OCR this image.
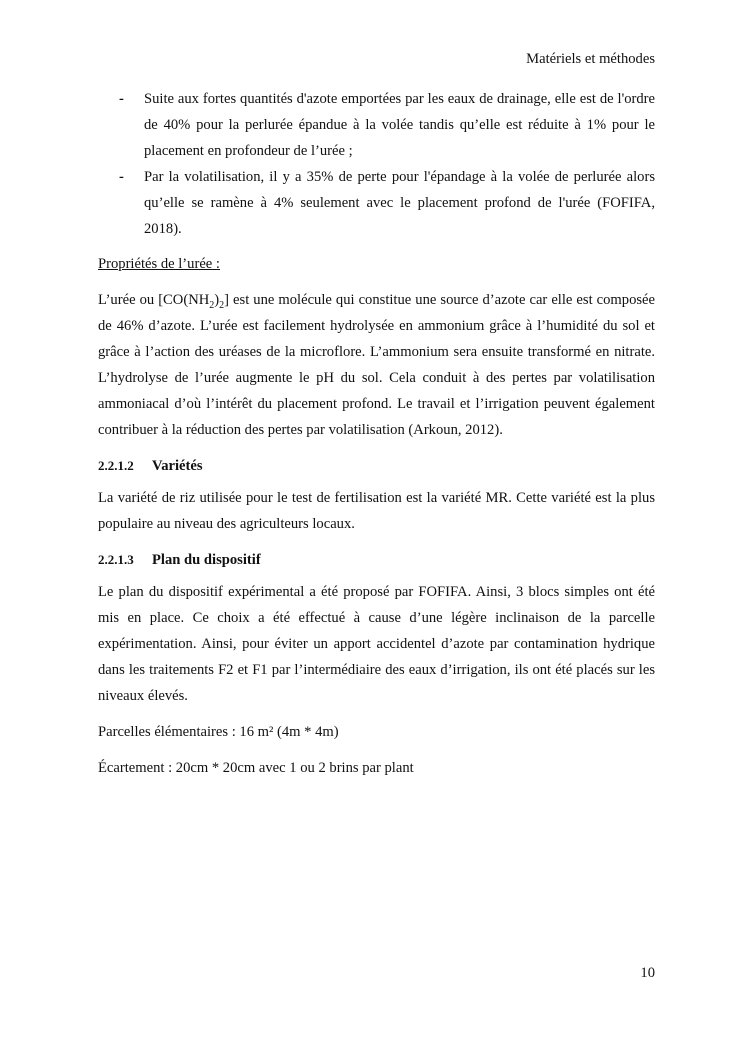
Matériels et méthodes
- Suite aux fortes quantités d'azote emportées par les eaux de drainage, elle est de l'ordre de 40% pour la perlurée épandue à la volée tandis qu’elle est réduite à 1% pour le placement en profondeur de l’urée ;
- Par la volatilisation, il y a 35% de perte pour l'épandage à la volée de perlurée alors qu’elle se ramène à 4% seulement avec le placement profond de l'urée (FOFIFA, 2018).
Propriétés de l’urée :

L’urée ou $[CO(NH_2)_2]$ est une molécule qui constitue une source d’azote car elle est composée de 46% d’azote. L’urée est facilement hydrolysée en ammonium grâce à l’humidité du sol et grâce à l’action des uréases de la microflore. L’ammonium sera ensuite transformé en nitrate. L’hydrolyse de l’urée augmente le pH du sol. Cela conduit à des pertes par volatilisation ammoniacal d’où l’intérêt du placement profond. Le travail et l’irrigation peuvent également contribuer à la réduction des pertes par volatilisation (Arkoun, 2012).

2.2.1.2 Variétés

La variété de riz utilisée pour le test de fertilisation est la variété MR. Cette variété est la plus populaire au niveau des agriculteurs locaux.

2.2.1.3 Plan du dispositif

Le plan du dispositif expérimental a été proposé par FOFIFA. Ainsi, 3 blocs simples ont été mis en place. Ce choix a été effectué à cause d’une légère inclinaison de la parcelle expérimentation. Ainsi, pour éviter un apport accidentel d’azote par contamination hydrique dans les traitements F2 et F1 par l’intermédiaire des eaux d’irrigation, ils ont été placés sur les niveaux élevés.

Parcelles élémentaires : 16 m² (4m * 4m)
Écartement : 20cm * 20cm avec 1 ou 2 brins par plant
10
